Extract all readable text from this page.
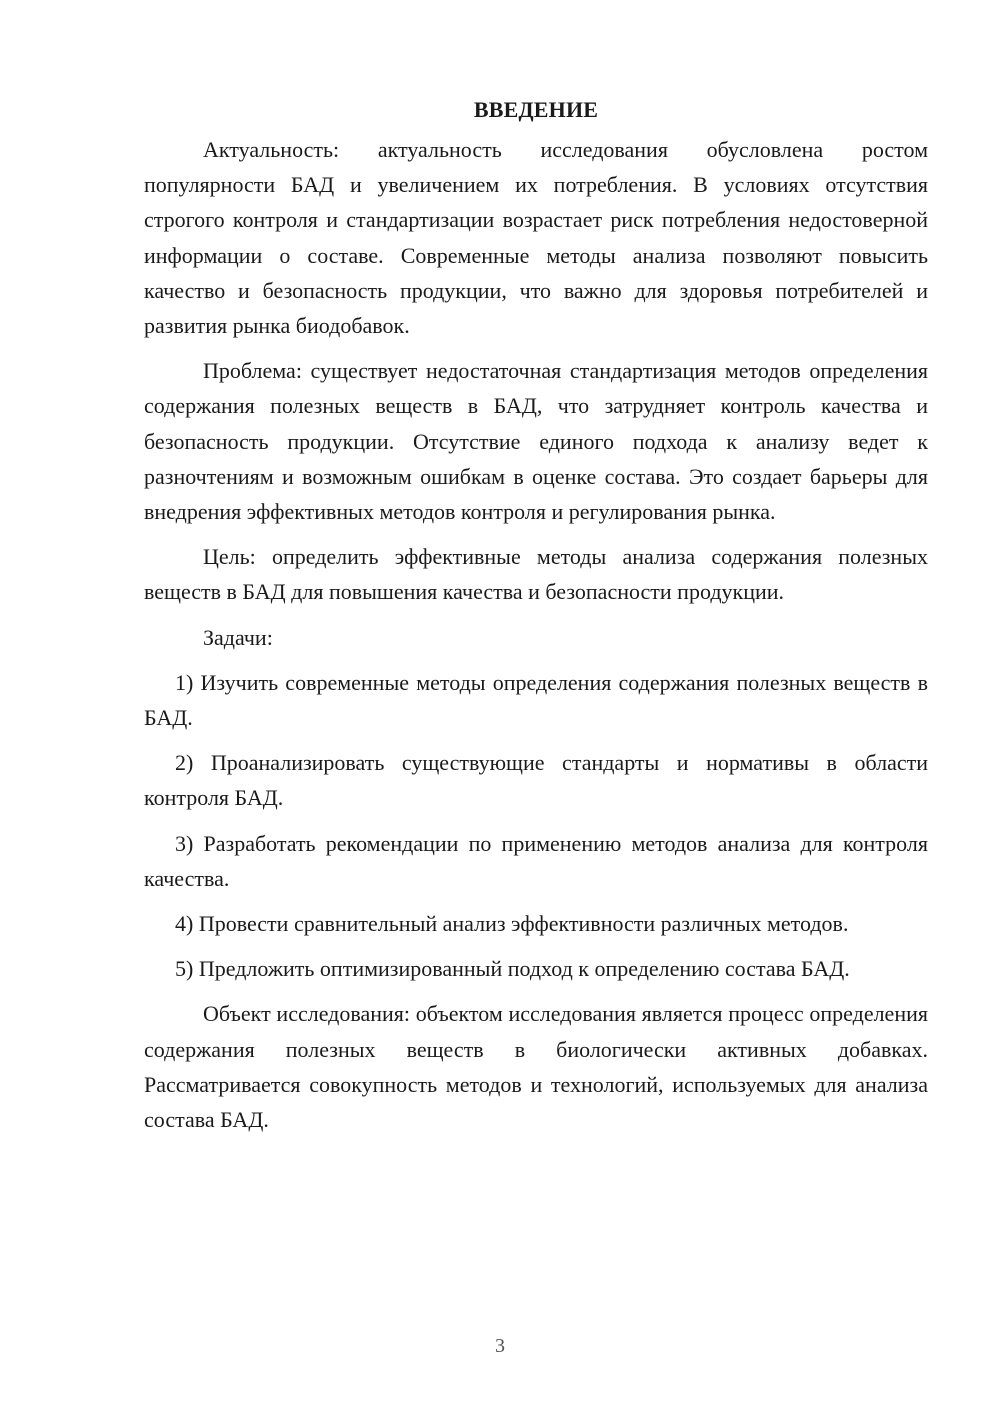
ВВЕДЕНИЕ

Актуальность: актуальность исследования обусловлена ростом популярности БАД и увеличением их потребления. В условиях отсутствия строгого контроля и стандартизации возрастает риск потребления недостоверной информации о составе. Современные методы анализа позволяют повысить качество и безопасность продукции, что важно для здоровья потребителей и развития рынка биодобавок.

Проблема: существует недостаточная стандартизация методов определения содержания полезных веществ в БАД, что затрудняет контроль качества и безопасность продукции. Отсутствие единого подхода к анализу ведет к разночтениям и возможным ошибкам в оценке состава. Это создает барьеры для внедрения эффективных методов контроля и регулирования рынка.

Цель: определить эффективные методы анализа содержания полезных веществ в БАД для повышения качества и безопасности продукции.

Задачи:

1) Изучить современные методы определения содержания полезных веществ в БАД.

2) Проанализировать существующие стандарты и нормативы в области контроля БАД.

3) Разработать рекомендации по применению методов анализа для контроля качества.

4) Провести сравнительный анализ эффективности различных методов.

5) Предложить оптимизированный подход к определению состава БАД.

Объект исследования: объектом исследования является процесс определения содержания полезных веществ в биологически активных добавках. Рассматривается совокупность методов и технологий, используемых для анализа состава БАД.

3
